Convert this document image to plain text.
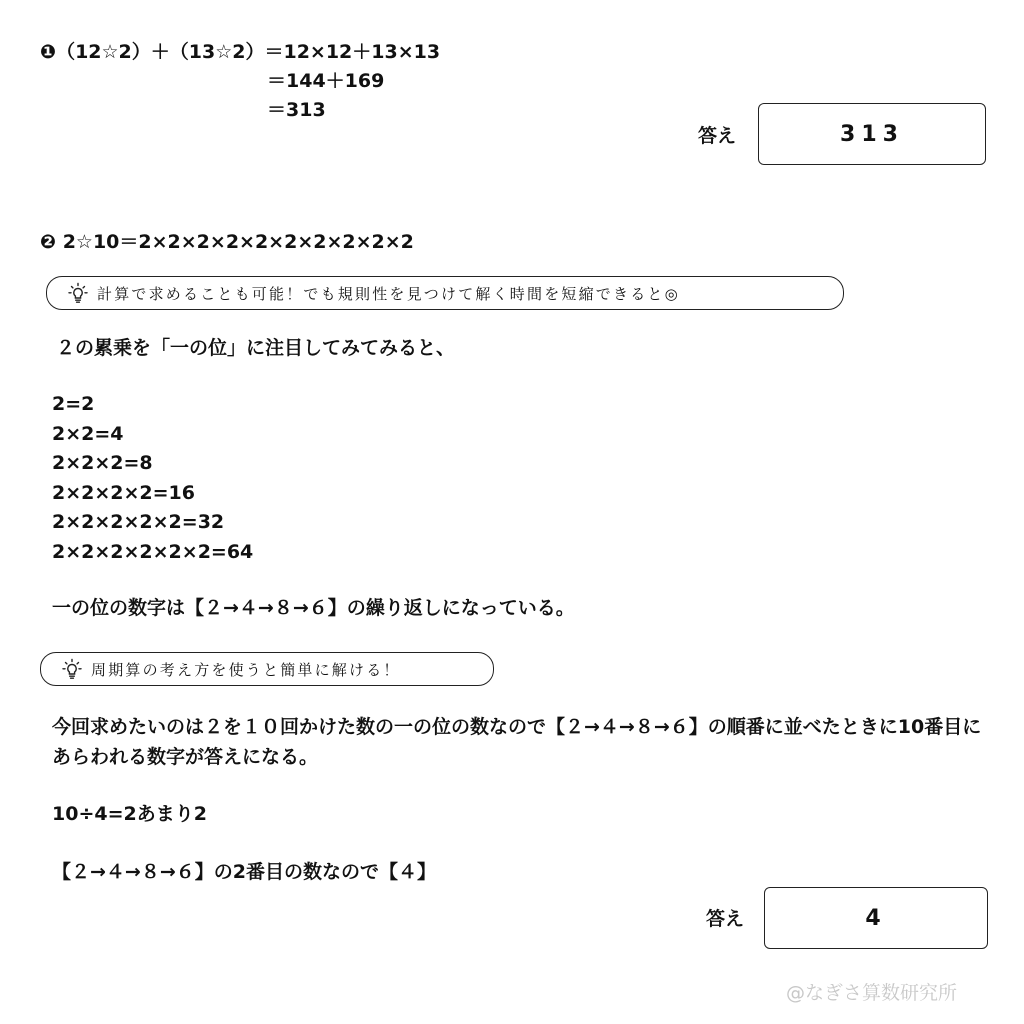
❶（12☆2）＋（13☆2）＝12×12＋13×13
＝144＋169
＝313
答え	313
❷ 2☆10＝2×2×2×2×2×2×2×2×2×2
計算で求めることも可能！でも規則性を見つけて解く時間を短縮できると◎
２の累乗を「一の位」に注目してみてみると、
2=2
2×2=4
2×2×2=8
2×2×2×2=16
2×2×2×2×2=32
2×2×2×2×2×2=64
一の位の数字は【２→４→８→６】の繰り返しになっている。
周期算の考え方を使うと簡単に解ける！
今回求めたいのは２を１０回かけた数の一の位の数なので【２→４→８→６】の順番に並べたときに10番目にあらわれる数字が答えになる。
10÷4=2あまり2
【２→４→８→６】の2番目の数なので【４】
答え	4
@なぎさ算数研究所
